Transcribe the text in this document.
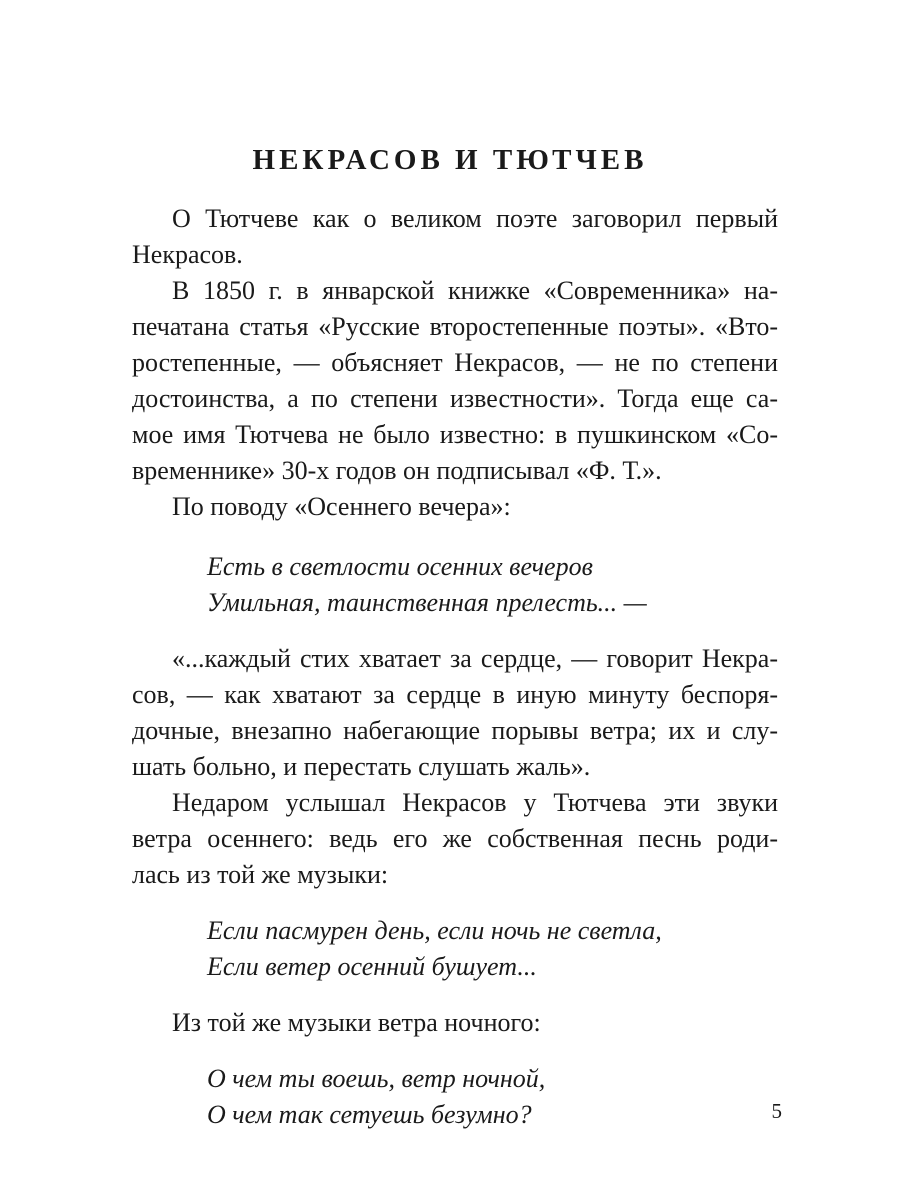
НЕКРАСОВ И ТЮТЧЕВ
О Тютчеве как о великом поэте заговорил первый
Некрасов.
В 1850 г. в январской книжке «Современника» на-
печатана статья «Русские второстепенные поэты». «Вто-
ростепенные, — объясняет Некрасов, — не по степени
достоинства, а по степени известности». Тогда еще са-
мое имя Тютчева не было известно: в пушкинском «Со-
временнике» 30-х годов он подписывал «Ф. Т.».
По поводу «Осеннего вечера»:
Есть в светлости осенних вечеров
Умильная, таинственная прелесть... —
«...каждый стих хватает за сердце, — говорит Некра-
сов, — как хватают за сердце в иную минуту беспоря-
дочные, внезапно набегающие порывы ветра; их и слу-
шать больно, и перестать слушать жаль».
Недаром услышал Некрасов у Тютчева эти звуки
ветра осеннего: ведь его же собственная песнь роди-
лась из той же музыки:
Если пасмурен день, если ночь не светла,
Если ветер осенний бушует...
Из той же музыки ветра ночного:
О чем ты воешь, ветр ночной,
О чем так сетуешь безумно?	5
